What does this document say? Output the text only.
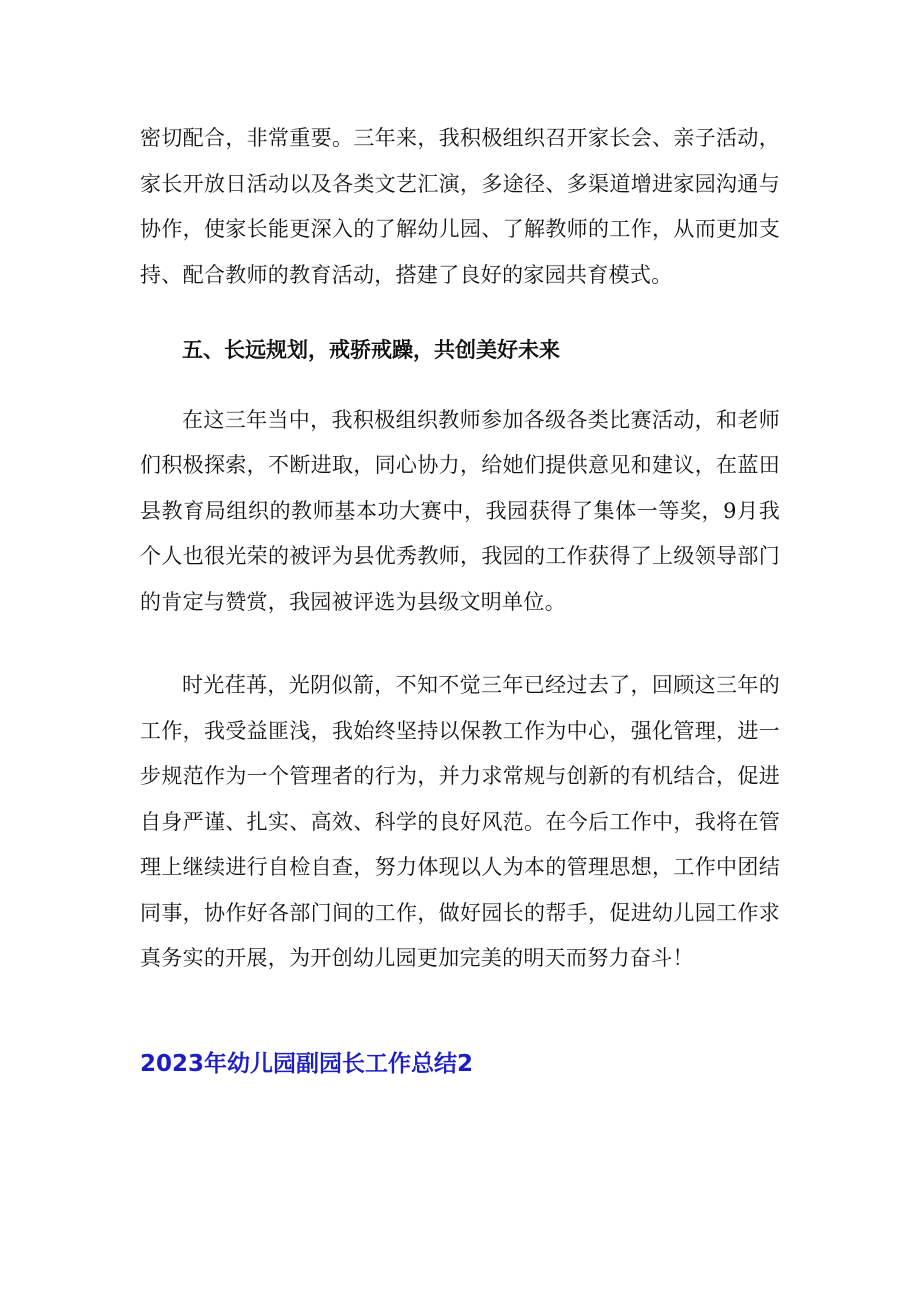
密切配合，非常重要。三年来，我积极组织召开家长会、亲子活动，家长开放日活动以及各类文艺汇演，多途径、多渠道增进家园沟通与协作，使家长能更深入的了解幼儿园、了解教师的工作，从而更加支持、配合教师的教育活动，搭建了良好的家园共育模式。

五、长远规划，戒骄戒躁，共创美好未来

在这三年当中，我积极组织教师参加各级各类比赛活动，和老师们积极探索，不断进取，同心协力，给她们提供意见和建议，在蓝田县教育局组织的教师基本功大赛中，我园获得了集体一等奖，9月我个人也很光荣的被评为县优秀教师，我园的工作获得了上级领导部门的肯定与赞赏，我园被评选为县级文明单位。

时光荏苒，光阴似箭，不知不觉三年已经过去了，回顾这三年的工作，我受益匪浅，我始终坚持以保教工作为中心，强化管理，进一步规范作为一个管理者的行为，并力求常规与创新的有机结合，促进自身严谨、扎实、高效、科学的良好风范。在今后工作中，我将在管理上继续进行自检自查，努力体现以人为本的管理思想，工作中团结同事，协作好各部门间的工作，做好园长的帮手，促进幼儿园工作求真务实的开展，为开创幼儿园更加完美的明天而努力奋斗！

2023年幼儿园副园长工作总结2
